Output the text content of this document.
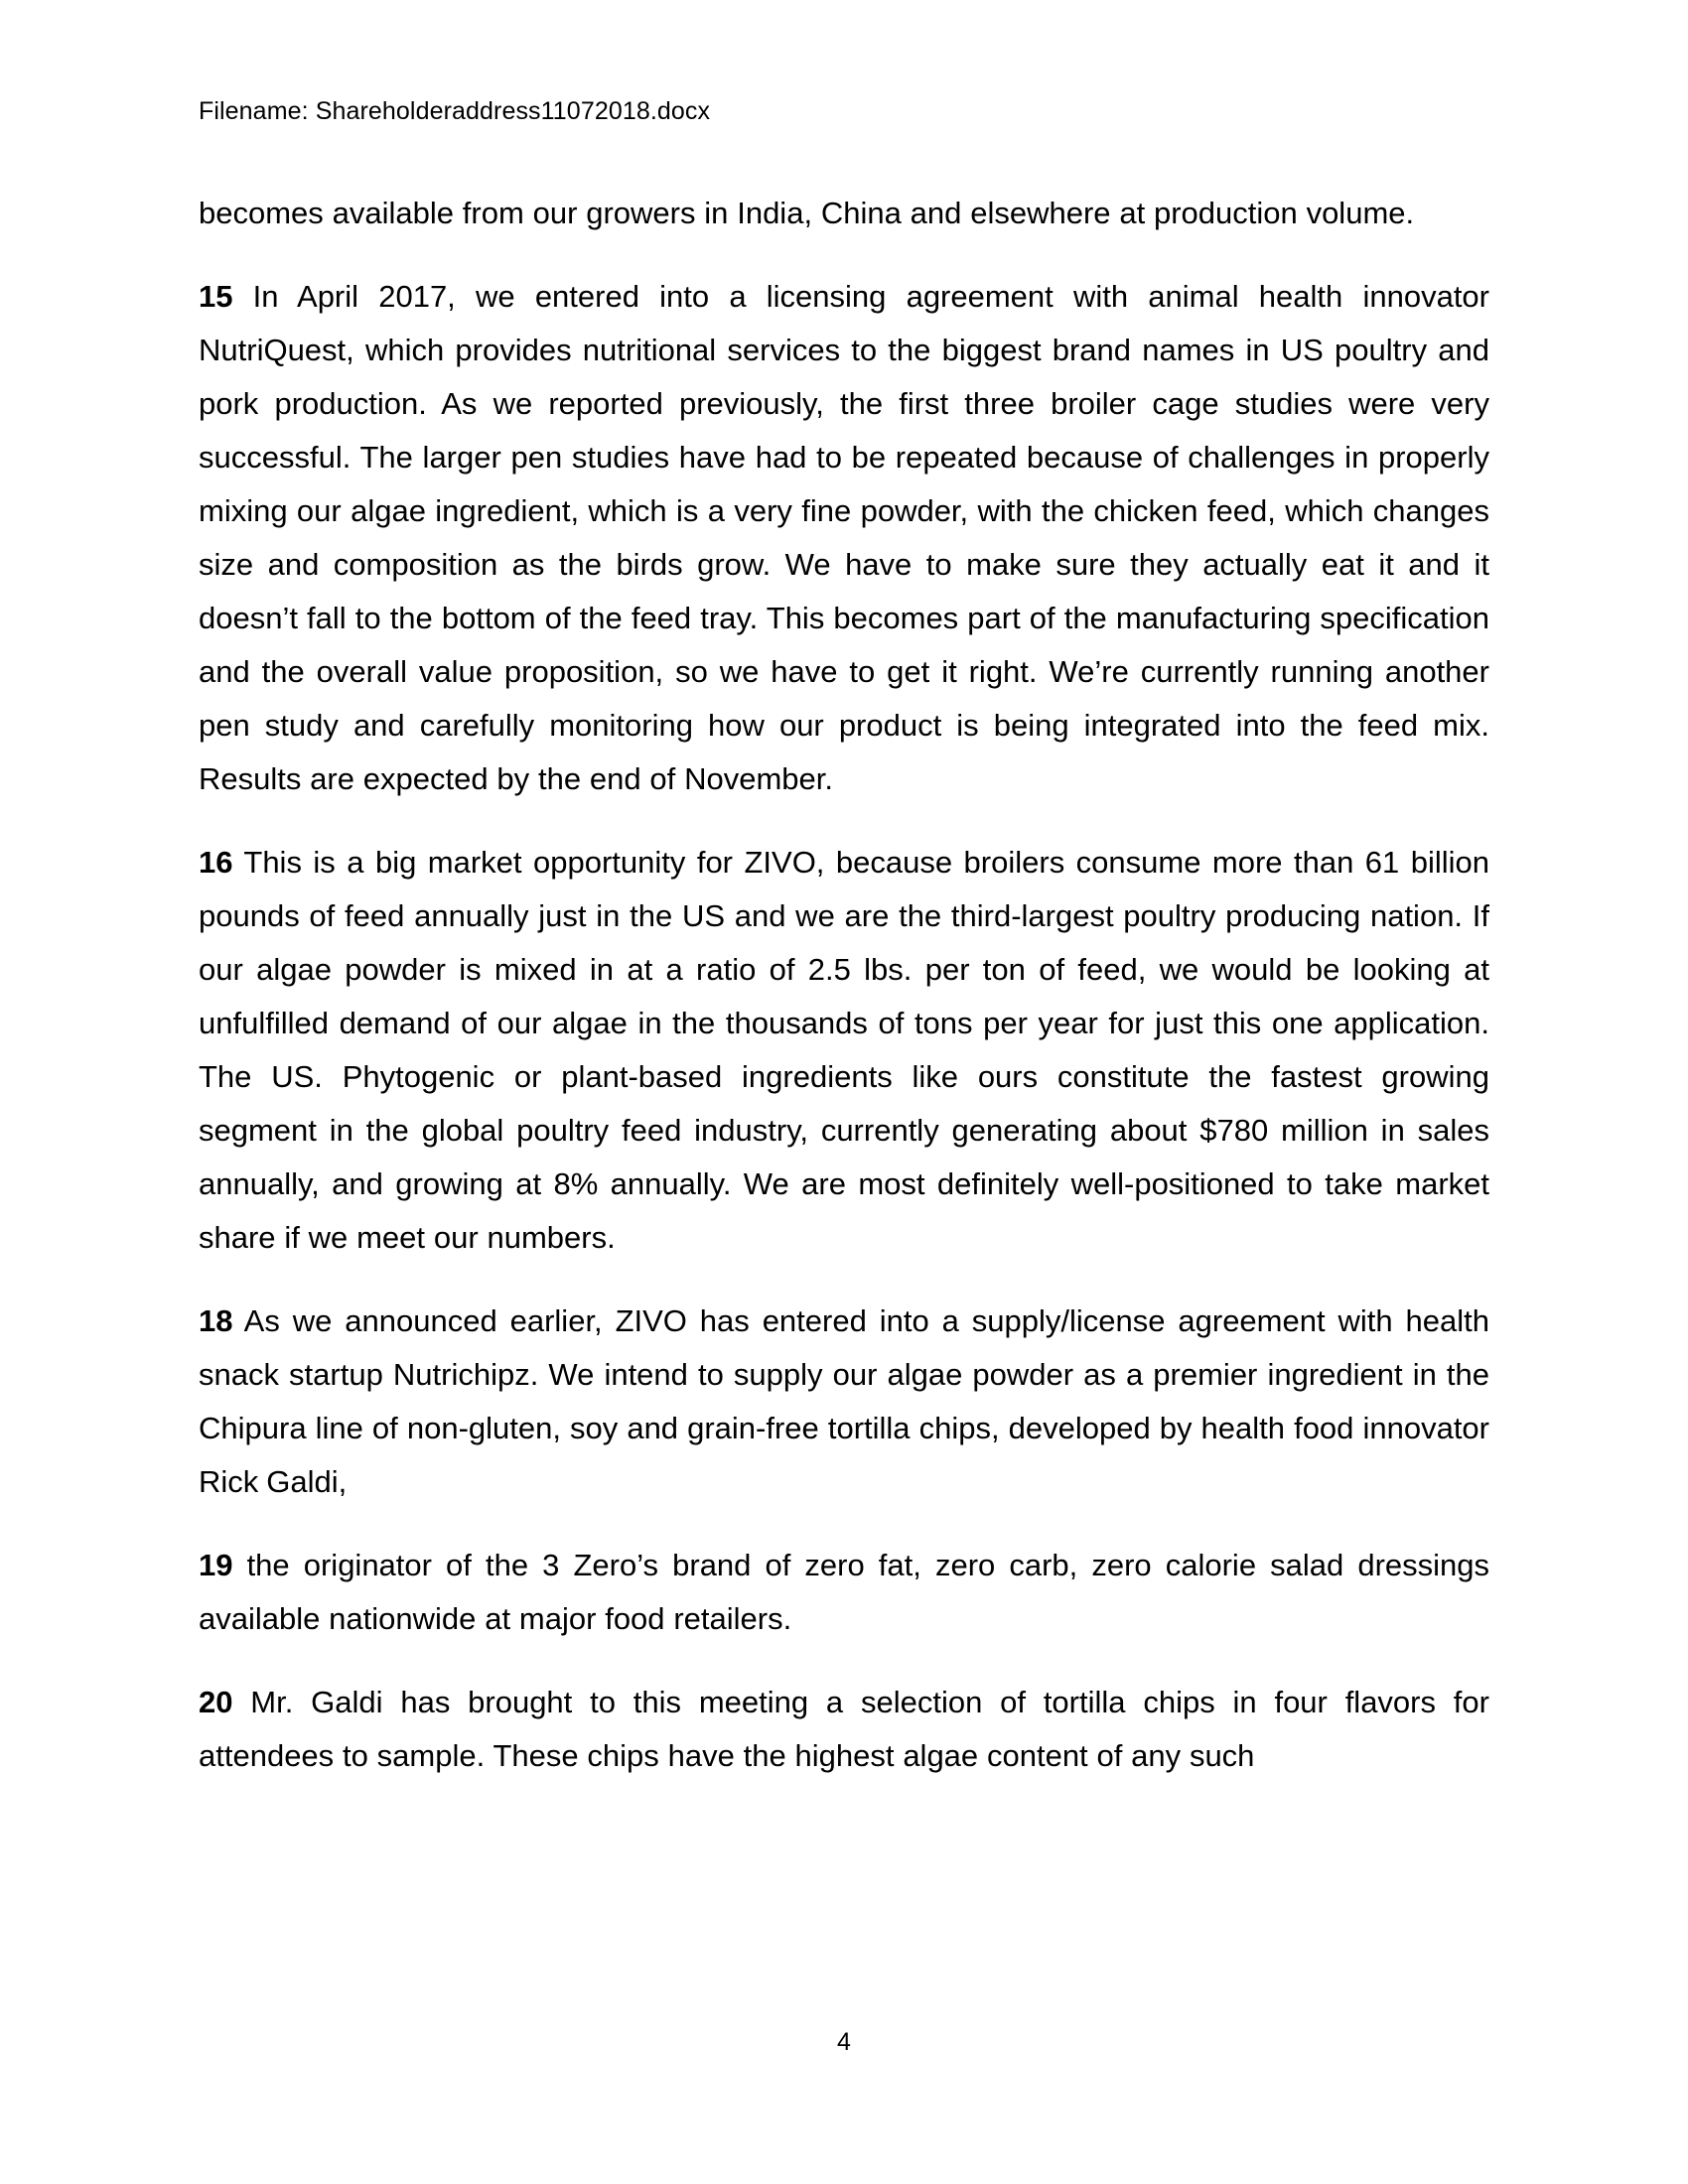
Filename: Shareholderaddress11072018.docx

becomes available from our growers in India, China and elsewhere at production volume.

15 In April 2017, we entered into a licensing agreement with animal health innovator NutriQuest, which provides nutritional services to the biggest brand names in US poultry and pork production. As we reported previously, the first three broiler cage studies were very successful. The larger pen studies have had to be repeated because of challenges in properly mixing our algae ingredient, which is a very fine powder, with the chicken feed, which changes size and composition as the birds grow. We have to make sure they actually eat it and it doesn’t fall to the bottom of the feed tray. This becomes part of the manufacturing specification and the overall value proposition, so we have to get it right. We’re currently running another pen study and carefully monitoring how our product is being integrated into the feed mix. Results are expected by the end of November.

16 This is a big market opportunity for ZIVO, because broilers consume more than 61 billion pounds of feed annually just in the US and we are the third-largest poultry producing nation. If our algae powder is mixed in at a ratio of 2.5 lbs. per ton of feed, we would be looking at unfulfilled demand of our algae in the thousands of tons per year for just this one application. The US. Phytogenic or plant-based ingredients like ours constitute the fastest growing segment in the global poultry feed industry, currently generating about $780 million in sales annually, and growing at 8% annually. We are most definitely well-positioned to take market share if we meet our numbers.

18 As we announced earlier, ZIVO has entered into a supply/license agreement with health snack startup Nutrichipz. We intend to supply our algae powder as a premier ingredient in the Chipura line of non-gluten, soy and grain-free tortilla chips, developed by health food innovator Rick Galdi,

19 the originator of the 3 Zero’s brand of zero fat, zero carb, zero calorie salad dressings available nationwide at major food retailers.

20 Mr. Galdi has brought to this meeting a selection of tortilla chips in four flavors for attendees to sample. These chips have the highest algae content of any such

4
